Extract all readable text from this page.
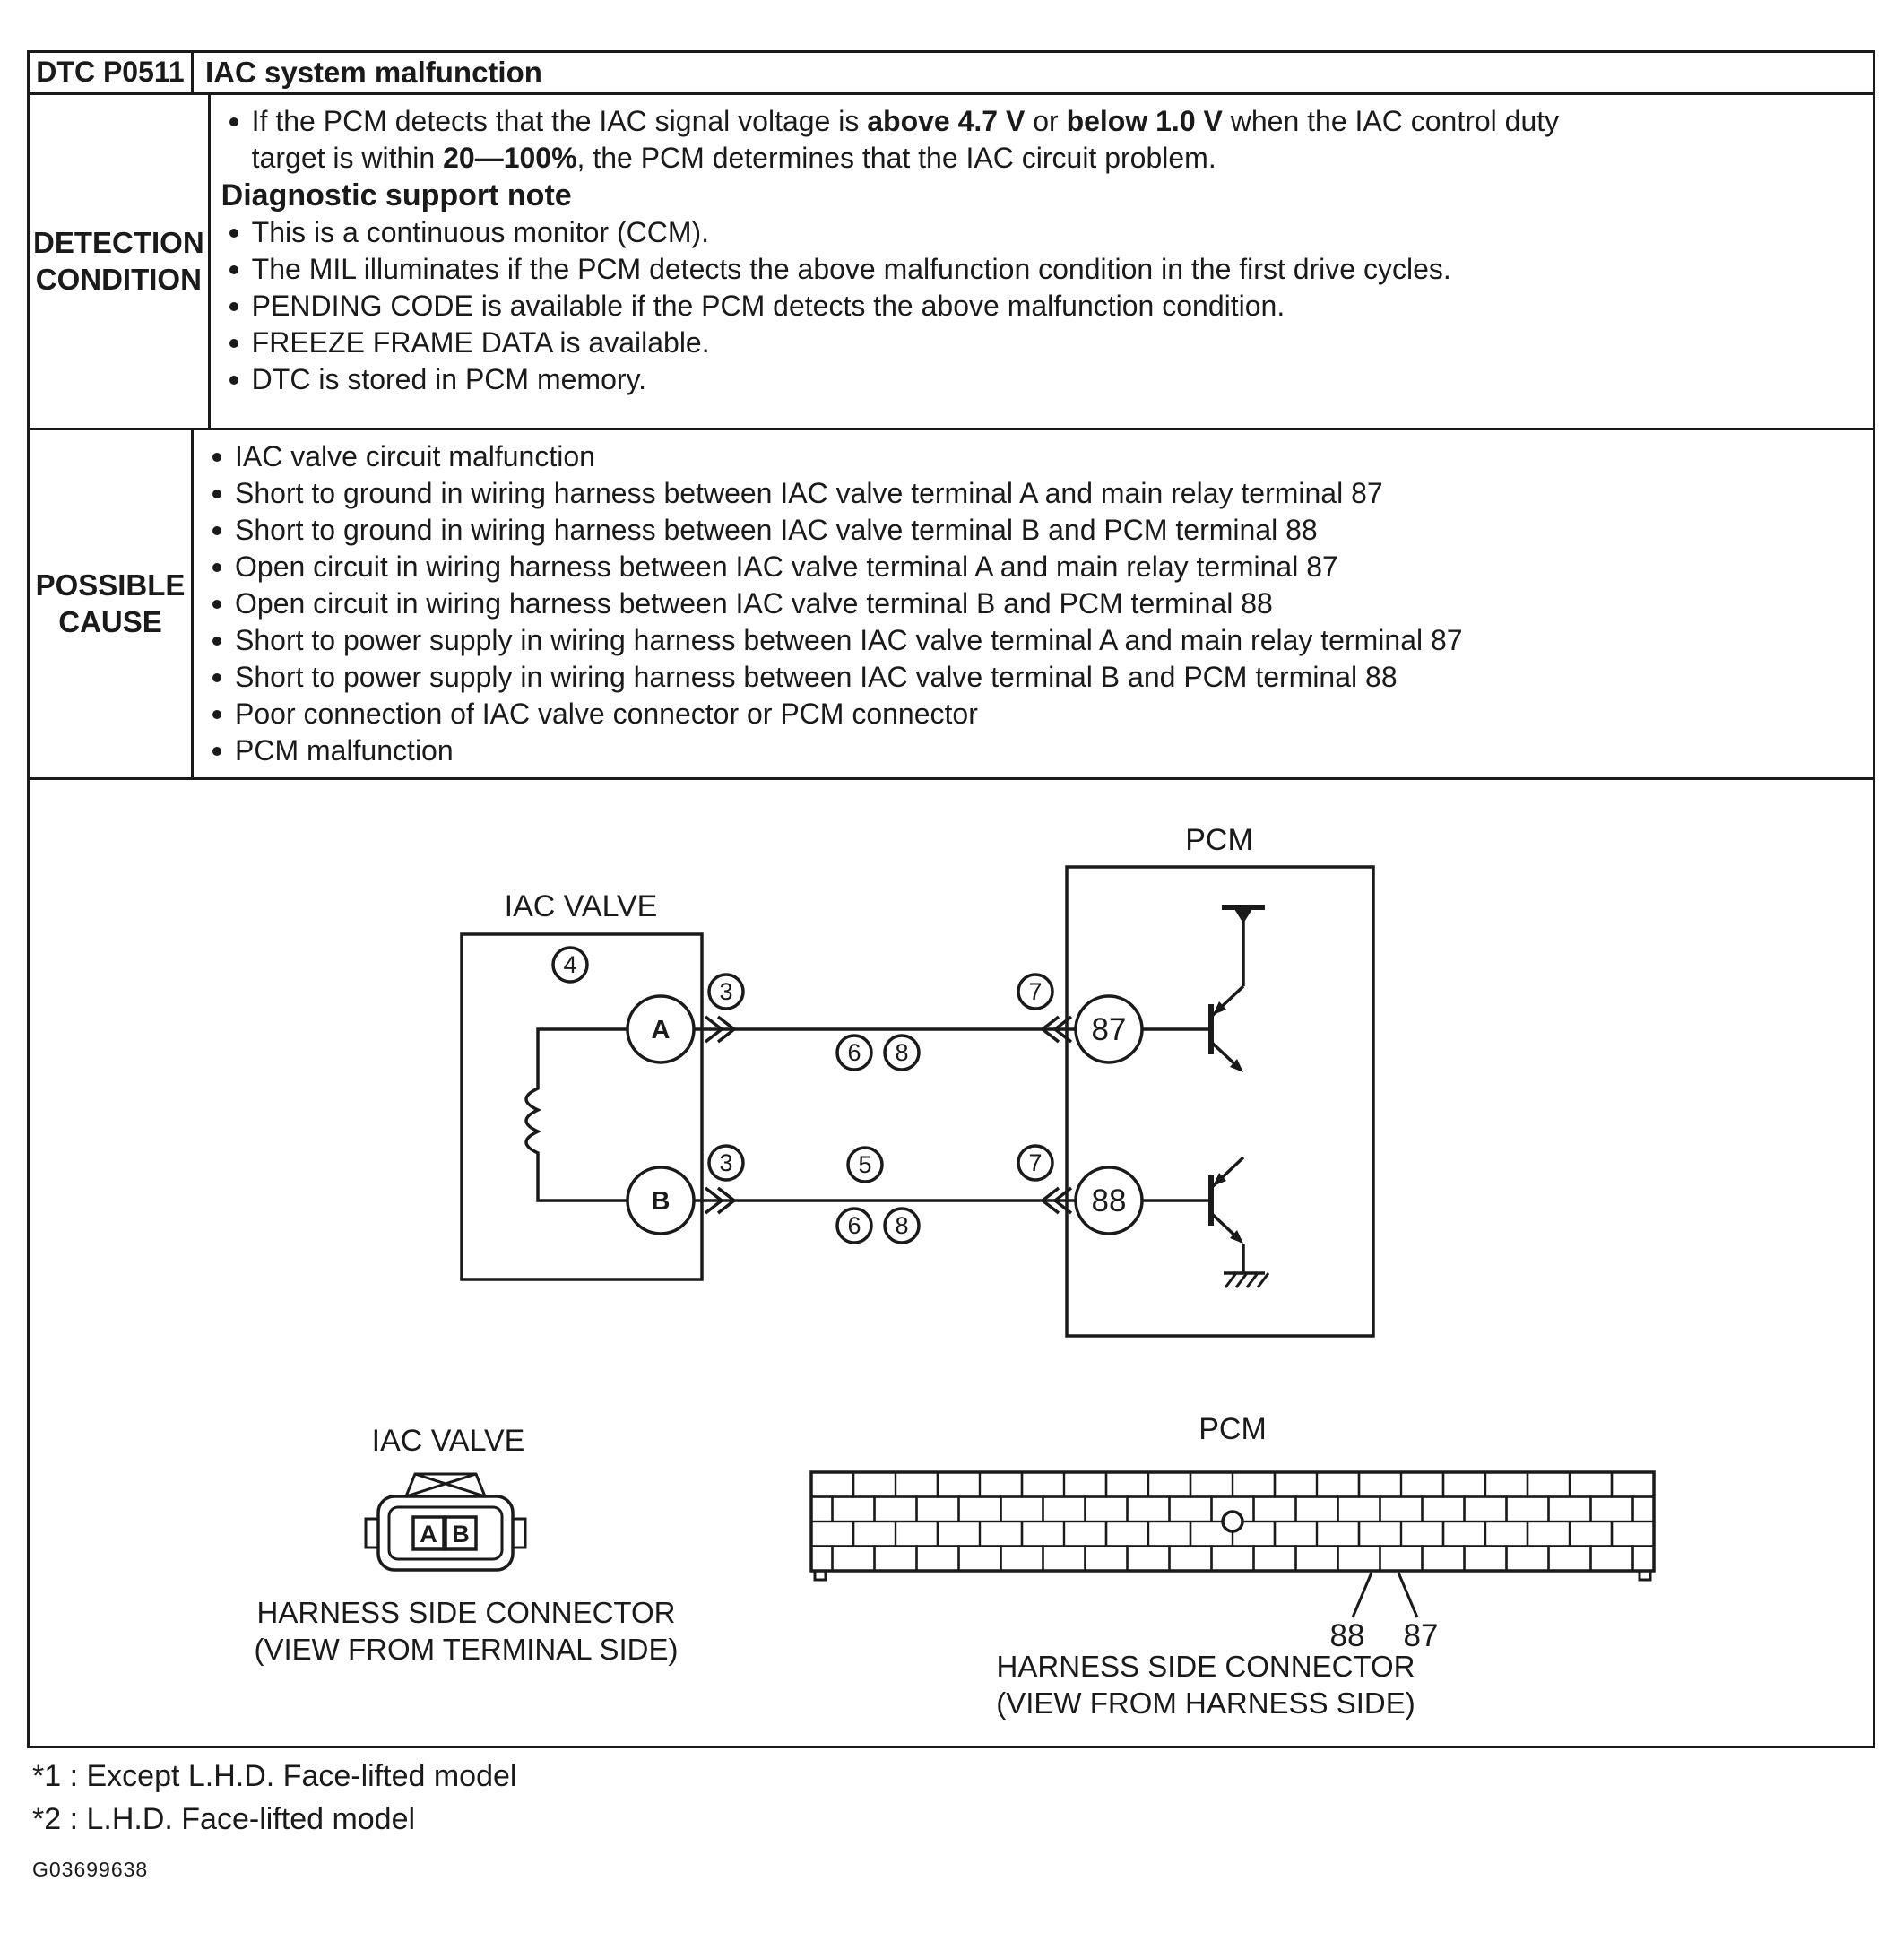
DTC P0511 IAC system malfunction
DETECTION CONDITION
If the PCM detects that the IAC signal voltage is above 4.7 V or below 1.0 V when the IAC control duty
target is within 20—100%, the PCM determines that the IAC circuit problem.
Diagnostic support note
This is a continuous monitor (CCM).
The MIL illuminates if the PCM detects the above malfunction condition in the first drive cycles.
PENDING CODE is available if the PCM detects the above malfunction condition.
FREEZE FRAME DATA is available.
DTC is stored in PCM memory.
POSSIBLE CAUSE
IAC valve circuit malfunction
Short to ground in wiring harness between IAC valve terminal A and main relay terminal 87
Short to ground in wiring harness between IAC valve terminal B and PCM terminal 88
Open circuit in wiring harness between IAC valve terminal A and main relay terminal 87
Open circuit in wiring harness between IAC valve terminal B and PCM terminal 88
Short to power supply in wiring harness between IAC valve terminal A and main relay terminal 87
Short to power supply in wiring harness between IAC valve terminal B and PCM terminal 88
Poor connection of IAC valve connector or PCM connector
PCM malfunction
PCM
IAC VALVE
A
B
87
88
4
3
3	5
6 8
6 8
7
7
IAC VALVE
A B
HARNESS SIDE CONNECTOR
(VIEW FROM TERMINAL SIDE)
PCM
88 87
HARNESS SIDE CONNECTOR
(VIEW FROM HARNESS SIDE)
*1 : Except L.H.D. Face-lifted model
*2 : L.H.D. Face-lifted model
G03699638
